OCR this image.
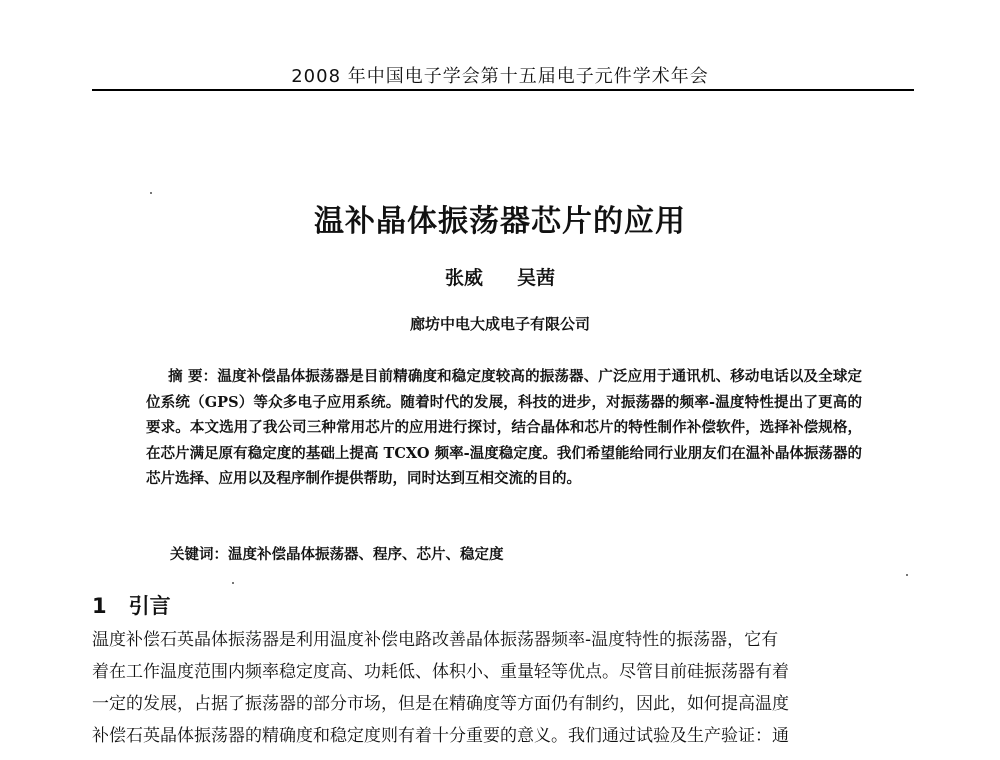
2008 年中国电子学会第十五届电子元件学术年会
温补晶体振荡器芯片的应用
张威 吴茜
廊坊中电大成电子有限公司
摘 要：温度补偿晶体振荡器是目前精确度和稳定度较高的振荡器、广泛应用于通讯机、移动电话以及全球定位系统（GPS）等众多电子应用系统。随着时代的发展，科技的进步，对振荡器的频率-温度特性提出了更高的要求。本文选用了我公司三种常用芯片的应用进行探讨，结合晶体和芯片的特性制作补偿软件，选择补偿规格，在芯片满足原有稳定度的基础上提高 TCXO 频率-温度稳定度。我们希望能给同行业朋友们在温补晶体振荡器的芯片选择、应用以及程序制作提供帮助，同时达到互相交流的目的。
关键词：温度补偿晶体振荡器、程序、芯片、稳定度
1 引言
温度补偿石英晶体振荡器是利用温度补偿电路改善晶体振荡器频率-温度特性的振荡器，它有
着在工作温度范围内频率稳定度高、功耗低、体积小、重量轻等优点。尽管目前硅振荡器有着
一定的发展，占据了振荡器的部分市场，但是在精确度等方面仍有制约，因此，如何提高温度
补偿石英晶体振荡器的精确度和稳定度则有着十分重要的意义。我们通过试验及生产验证：通
